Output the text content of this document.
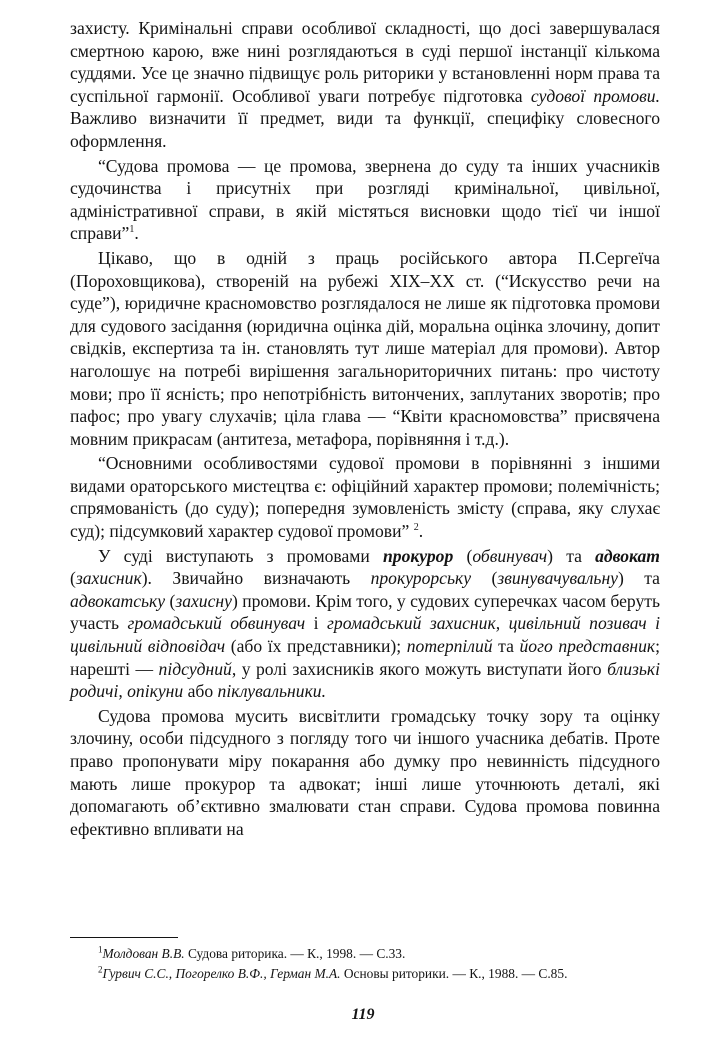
захисту. Кримінальні справи особливої складності, що досі завершувалася смертною карою, вже нині розглядаються в суді першої інстанції кількома суддями. Усе це значно підвищує роль риторики у встановленні норм права та суспільної гармонії. Особливої уваги потребує підготовка судової промови. Важливо визначити її предмет, види та функції, специфіку словесного оформлення.

“Судова промова — це промова, звернена до суду та інших учасників судочинства і присутніх при розгляді кримінальної, цивільної, адміністративної справи, в якій містяться висновки щодо тієї чи іншої справи”$^1$.

Цікаво, що в одній з праць російського автора П.Сергеїча (Пороховщикова), створеній на рубежі XIX–XX ст. (“Искусство речи на суде”), юридичне красномовство розглядалося не лише як підготовка промови для судового засідання (юридична оцінка дій, моральна оцінка злочину, допит свідків, експертиза та ін. становлять тут лише матеріал для промови). Автор наголошує на потребі вирішення загальнориторичних питань: про чистоту мови; про її ясність; про непотрібність витончених, заплутаних зворотів; про пафос; про увагу слухачів; ціла глава — “Квіти красномовства” присвячена мовним прикрасам (антитеза, метафора, порівняння і т.д.).

“Основними особливостями судової промови в порівнянні з іншими видами ораторського мистецтва є: офіційний характер промови; полемічність; спрямованість (до суду); попередня зумовленість змісту (справа, яку слухає суд); підсумковий характер судової промови” $^2$.

У суді виступають з промовами прокурор (обвинувач) та адвокат (захисник). Звичайно визначають прокурорську (звинувачувальну) та адвокатську (захисну) промови. Крім того, у судових суперечках часом беруть участь громадський обвинувач і громадський захисник, цивільний позивач і цивільний відповідач (або їх представники); потерпілий та його представник; нарешті — підсудний, у ролі захисників якого можуть виступати його близькі родичі, опікуни або піклувальники.

Судова промова мусить висвітлити громадську точку зору та оцінку злочину, особи підсудного з погляду того чи іншого учасника дебатів. Проте право пропонувати міру покарання або думку про невинність підсудного мають лише прокурор та адвокат; інші лише уточнюють деталі, які допомагають об’єктивно змалювати стан справи. Судова промова повинна ефективно впливати на

$^1$Молдован В.В. Судова риторика. — К., 1998. — С.33.
$^2$Гурвич С.С., Погорелко В.Ф., Герман М.А. Основы риторики. — К., 1988. — С.85.
119
